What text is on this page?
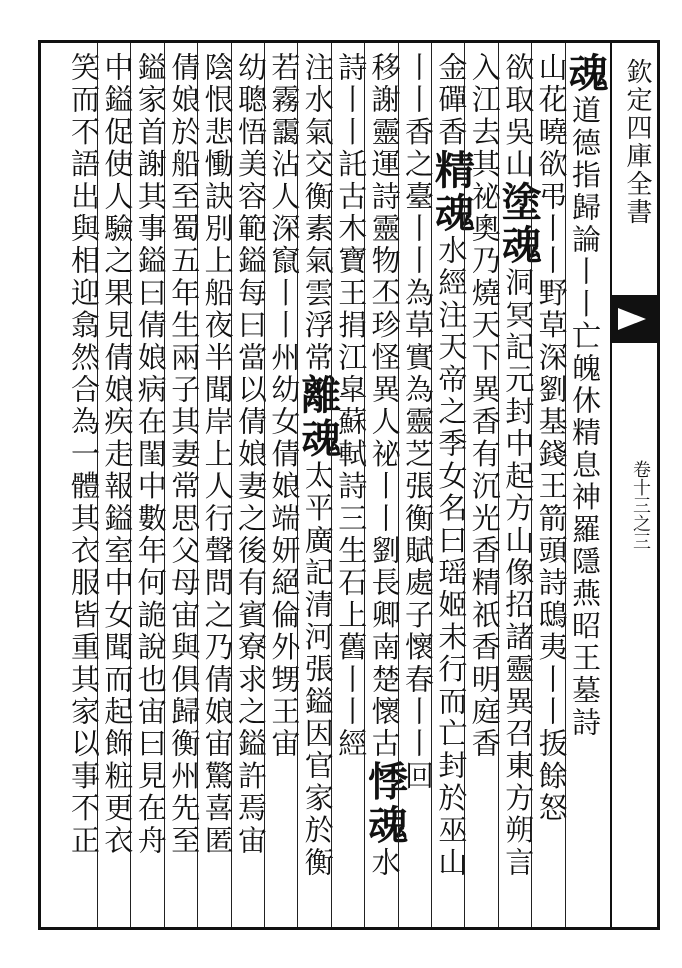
欽定四庫全書
卷十三之三
魂道德指歸論丨丨亡魄休精息神羅隱燕昭王墓詩
山花曉欲弔丨丨野草深劉基錢王箭頭詩鴟夷丨丨㧞餘怒
欲取吳山塗魂洞冥記元封中起方山像招諸靈異召東方朔言
入江去其祕奧乃燒天下異香有沉光香精祇香明庭香
金磾香精魂水經注天帝之季女名曰瑶姬未行而亡封於巫山
丨丨香之臺丨丨為草實為靈芝張衡賦處子懷春丨丨回
移謝靈運詩靈物丕珍怪異人祕丨丨劉長卿南楚懷古悸魂水
詩丨丨託古木寶王捐江皐蘇軾詩三生石上舊丨丨經
注水氣交衡素氣雲浮常離魂太平廣記清河張鎰因官家於衡
若霧靄沾人深竄丨丨州幼女倩娘端妍絕倫外甥王宙
幼聰悟美容範鎰每曰當以倩娘妻之後有賓寮求之鎰許焉宙
陰恨悲慟訣別上船夜半聞岸上人行聲問之乃倩娘宙驚喜匿
倩娘於船至蜀五年生兩子其妻常思父母宙與俱歸衡州先至
鎰家首謝其事鎰曰倩娘病在閨中數年何詭說也宙曰見在舟
中鎰促使人驗之果見倩娘疾走報鎰室中女聞而起飾粧更衣
笑而不語出與相迎翕然合為一體其衣服皆重其家以事不正
